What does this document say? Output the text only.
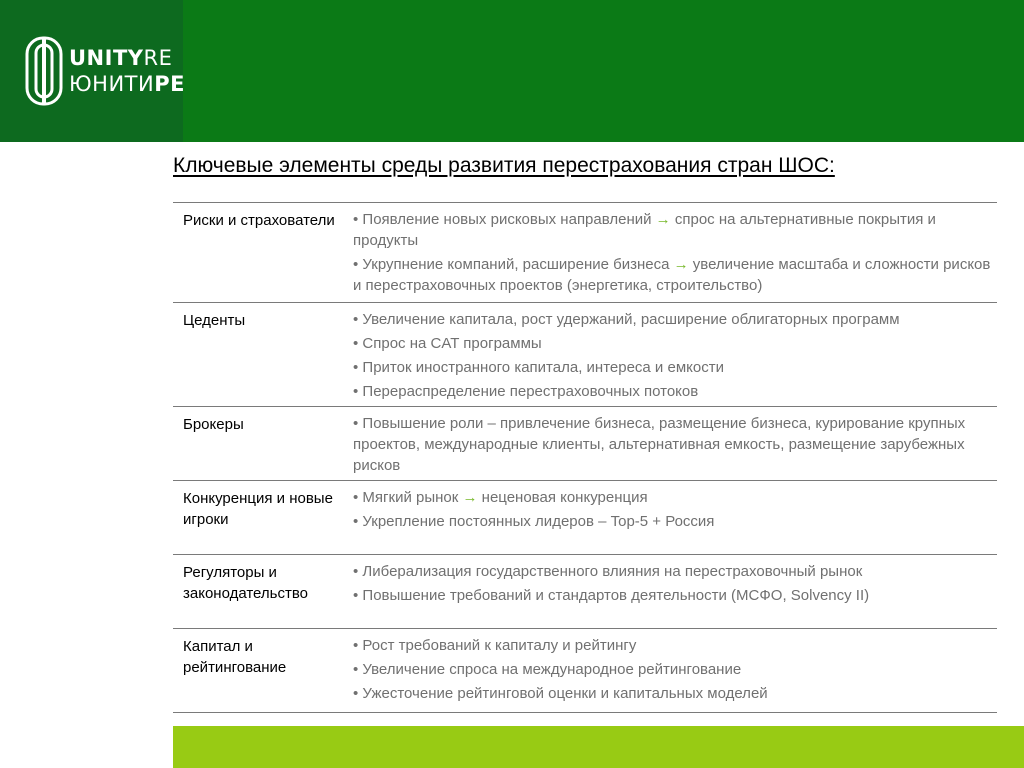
UNITYRE
ЮНИТИРЕ
Ключевые элементы среды развития перестрахования стран ШОС:
Риски и страхователи	• Появление новых рисковых направлений → спрос на альтернативные покрытия и продукты
• Укрупнение компаний, расширение бизнеса → увеличение масштаба и сложности рисков и перестраховочных проектов (энергетика, строительство)

Цеденты	• Увеличение капитала, рост удержаний, расширение облигаторных программ
• Спрос на CAT программы
• Приток иностранного капитала, интереса и емкости
• Перераспределение перестраховочных потоков

Брокеры	• Повышение роли – привлечение бизнеса, размещение бизнеса, курирование крупных проектов, международные клиенты, альтернативная емкость, размещение зарубежных рисков

Конкуренция и новые игроки	• Мягкий рынок → неценовая конкуренция
• Укрепление постоянных лидеров – Top-5 + Россия

Регуляторы и законодательство	• Либерализация государственного влияния на перестраховочный рынок
• Повышение требований и стандартов деятельности (МСФО, Solvency II)

Капитал и рейтингование	• Рост требований к капиталу и рейтингу
• Увеличение спроса на международное рейтингование
• Ужесточение рейтинговой оценки и капитальных моделей
